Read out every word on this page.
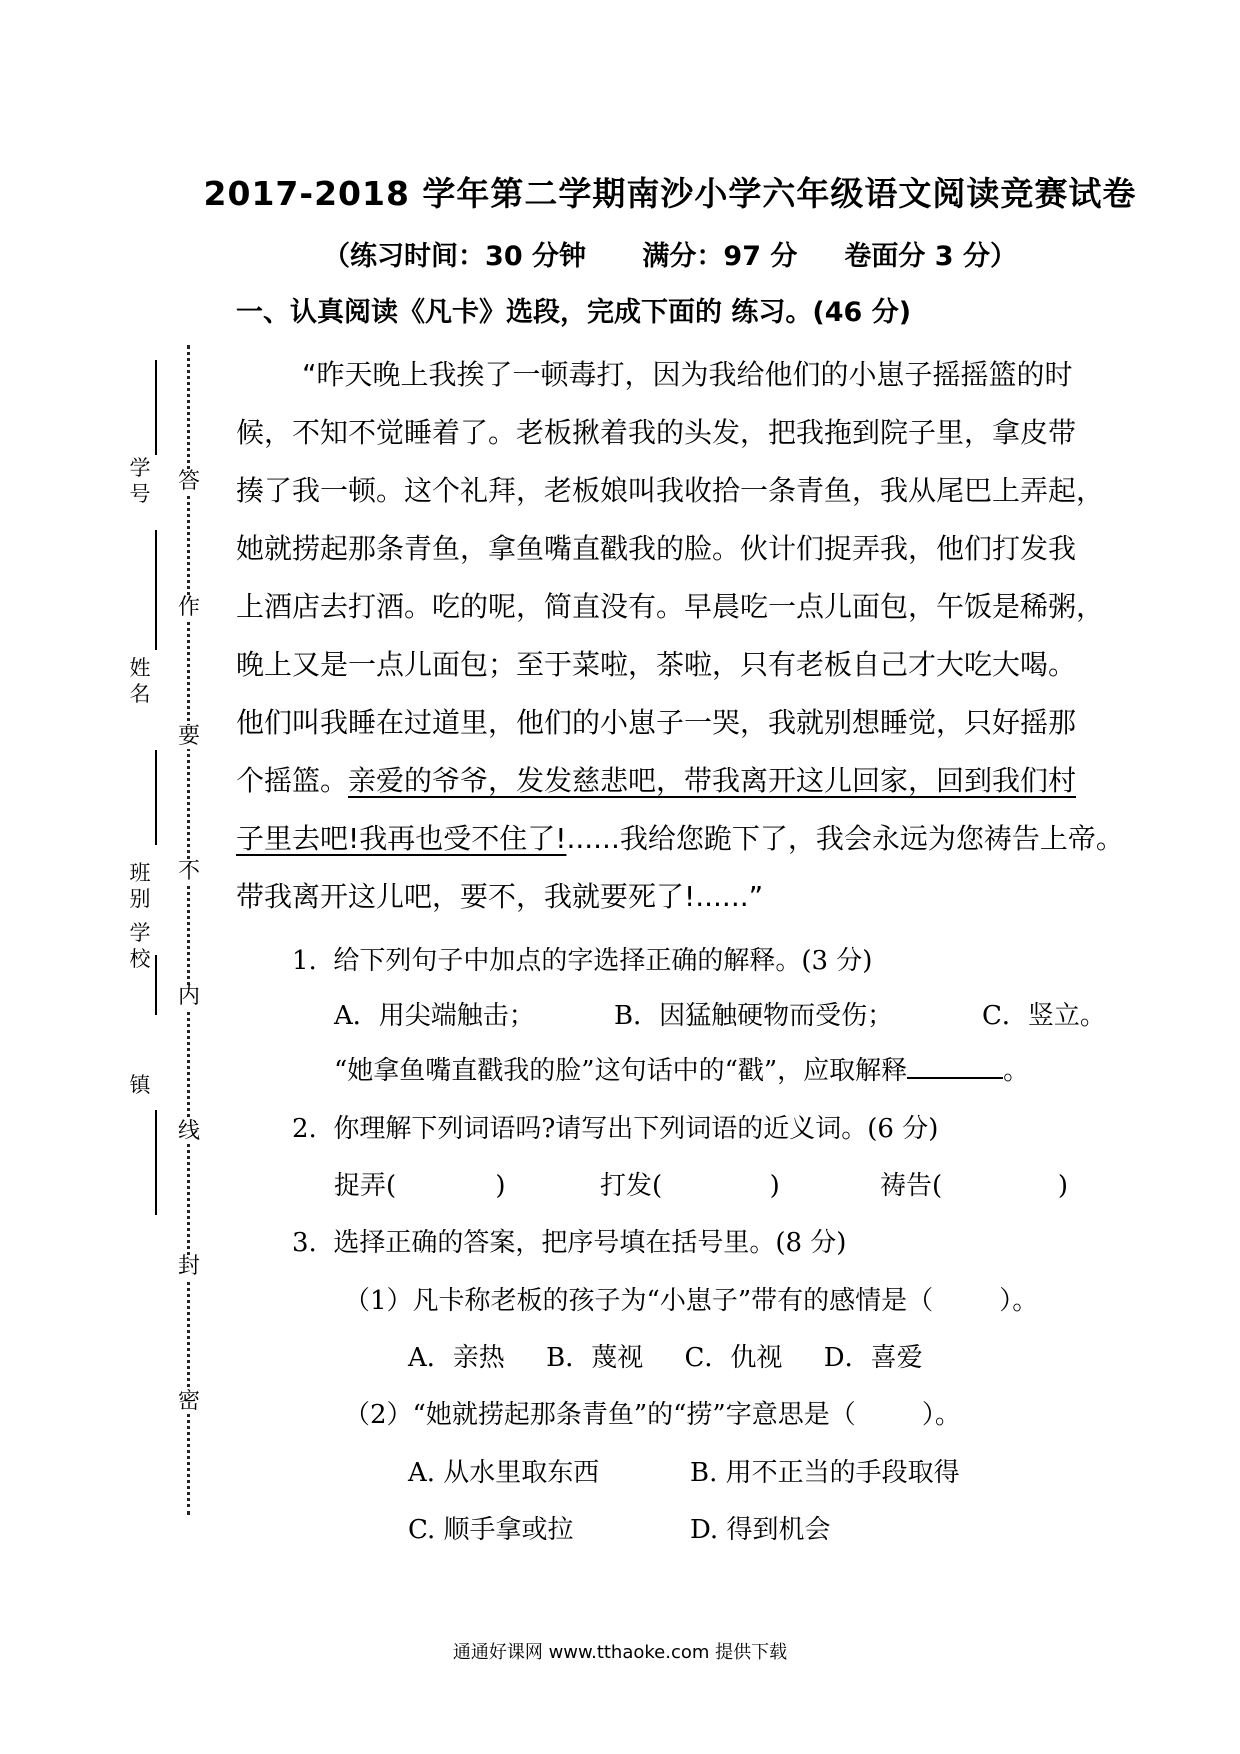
2017-2018 学年第二学期南沙小学六年级语文阅读竞赛试卷
（练习时间：30 分钟      满分：97 分     卷面分 3 分）
一、认真阅读《凡卡》选段，完成下面的 练习。(46 分)
“昨天晚上我挨了一顿毒打，因为我给他们的小崽子摇摇篮的时
候，不知不觉睡着了。老板揪着我的头发，把我拖到院子里，拿皮带
揍了我一顿。这个礼拜，老板娘叫我收拾一条青鱼，我从尾巴上弄起，
她就捞起那条青鱼，拿鱼嘴直戳我的脸。伙计们捉弄我，他们打发我
上酒店去打酒。吃的呢，简直没有。早晨吃一点儿面包，午饭是稀粥，
晚上又是一点儿面包；至于菜啦，茶啦，只有老板自己才大吃大喝。
他们叫我睡在过道里，他们的小崽子一哭，我就别想睡觉，只好摇那
个摇篮。亲爱的爷爷，发发慈悲吧，带我离开这儿回家，回到我们村
子里去吧!我再也受不住了!......我给您跪下了，我会永远为您祷告上帝。
带我离开这儿吧，要不，我就要死了!......”
1.  给下列句子中加点的字选择正确的解释。(3 分)
A．用尖端触击；	B．因猛触硬物而受伤；	C．竖立。
“她拿鱼嘴直戳我的脸”这句话中的“戳”，应取解释	。
2.  你理解下列词语吗?请写出下列词语的近义词。(6 分)
捉弄(            )	打发(             )	祷告(              )
3.  选择正确的答案，把序号填在括号里。(8 分)
（1）凡卡称老板的孩子为“小崽子”带有的感情是（        ）。
A．亲热     B．蔑视     C．仇视     D．喜爱
（2）“她就捞起那条青鱼”的“捞”字意思是（        ）。
A. 从水里取东西	B. 用不正当的手段取得
C. 顺手拿或拉	D. 得到机会
答
作
要
不
内
线
封
密
学号
姓名
班别
学校
镇
通通好课网 www.tthaoke.com 提供下载
